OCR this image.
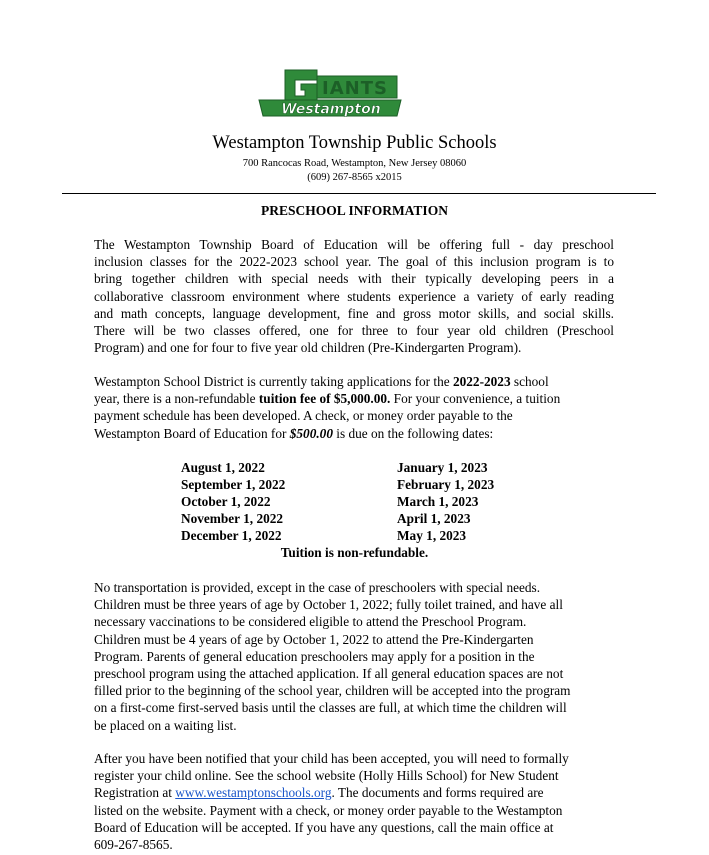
IANTS
Westampton
Westampton Township Public Schools
700 Rancocas Road, Westampton, New Jersey 08060
(609) 267-8565 x2015
PRESCHOOL INFORMATION
The Westampton Township Board of Education will be offering full - day preschool
inclusion classes for the 2022-2023 school year. The goal of this inclusion program is to
bring together children with special needs with their typically developing peers in a
collaborative classroom environment where students experience a variety of early reading
and math concepts, language development, fine and gross motor skills, and social skills.
There will be two classes offered, one for three to four year old children (Preschool
Program) and one for four to five year old children (Pre-Kindergarten Program).
Westampton School District is currently taking applications for the 2022-2023 school
year, there is a non-refundable tuition fee of $5,000.00. For your convenience, a tuition
payment schedule has been developed. A check, or money order payable to the
Westampton Board of Education for $500.00 is due on the following dates:
August 1, 2022
September 1, 2022
October 1, 2022
November 1, 2022
December 1, 2022
January 1, 2023
February 1, 2023
March 1, 2023
April 1, 2023
May 1, 2023
Tuition is non-refundable.
No transportation is provided, except in the case of preschoolers with special needs.
Children must be three years of age by October 1, 2022; fully toilet trained, and have all
necessary vaccinations to be considered eligible to attend the Preschool Program.
Children must be 4 years of age by October 1, 2022 to attend the Pre-Kindergarten
Program. Parents of general education preschoolers may apply for a position in the
preschool program using the attached application. If all general education spaces are not
filled prior to the beginning of the school year, children will be accepted into the program
on a first-come first-served basis until the classes are full, at which time the children will
be placed on a waiting list.
After you have been notified that your child has been accepted, you will need to formally
register your child online. See the school website (Holly Hills School) for New Student
Registration at www.westamptonschools.org. The documents and forms required are
listed on the website. Payment with a check, or money order payable to the Westampton
Board of Education will be accepted. If you have any questions, call the main office at
609-267-8565.
